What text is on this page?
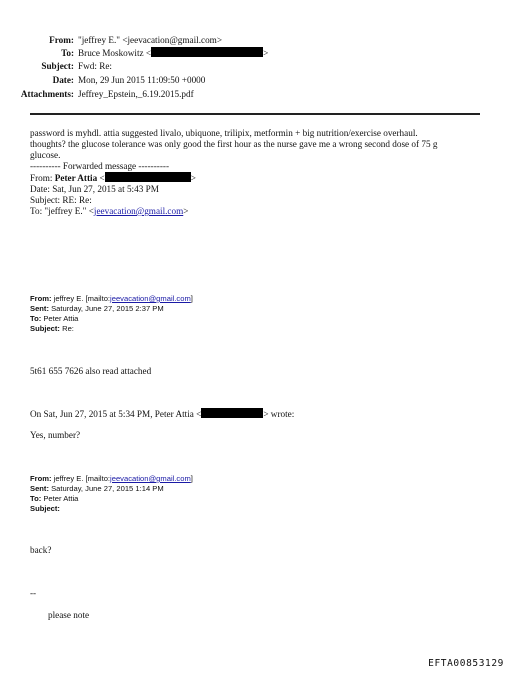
From: "jeffrey E." <jeevacation@gmail.com>
To: Bruce Moskowitz <	>
Subject: Fwd: Re:
Date: Mon, 29 Jun 2015 11:09:50 +0000
Attachments: Jeffrey_Epstein,_6.19.2015.pdf
password is myhdl. attia suggested livalo, ubiquone, trilipix, metformin + big nutrition/exercise overhaul.
thoughts? the glucose tolerance was only good the first hour as the nurse gave me a wrong second dose of 75 g
glucose.
---------- Forwarded message ----------
From: Peter Attia <	>
Date: Sat, Jun 27, 2015 at 5:43 PM
Subject: RE: Re:
To: "jeffrey E." <jeevacation@gmail.com>
From: jeffrey E. [mailto:jeevacation@gmail.com]
Sent: Saturday, June 27, 2015 2:37 PM
To: Peter Attia
Subject: Re:
5t61 655 7626 also read attached
On Sat, Jun 27, 2015 at 5:34 PM, Peter Attia <	> wrote:
Yes, number?
From: jeffrey E. [mailto:jeevacation@gmail.com]
Sent: Saturday, June 27, 2015 1:14 PM
To: Peter Attia
Subject:
back?
--
please note
EFTA00853129
